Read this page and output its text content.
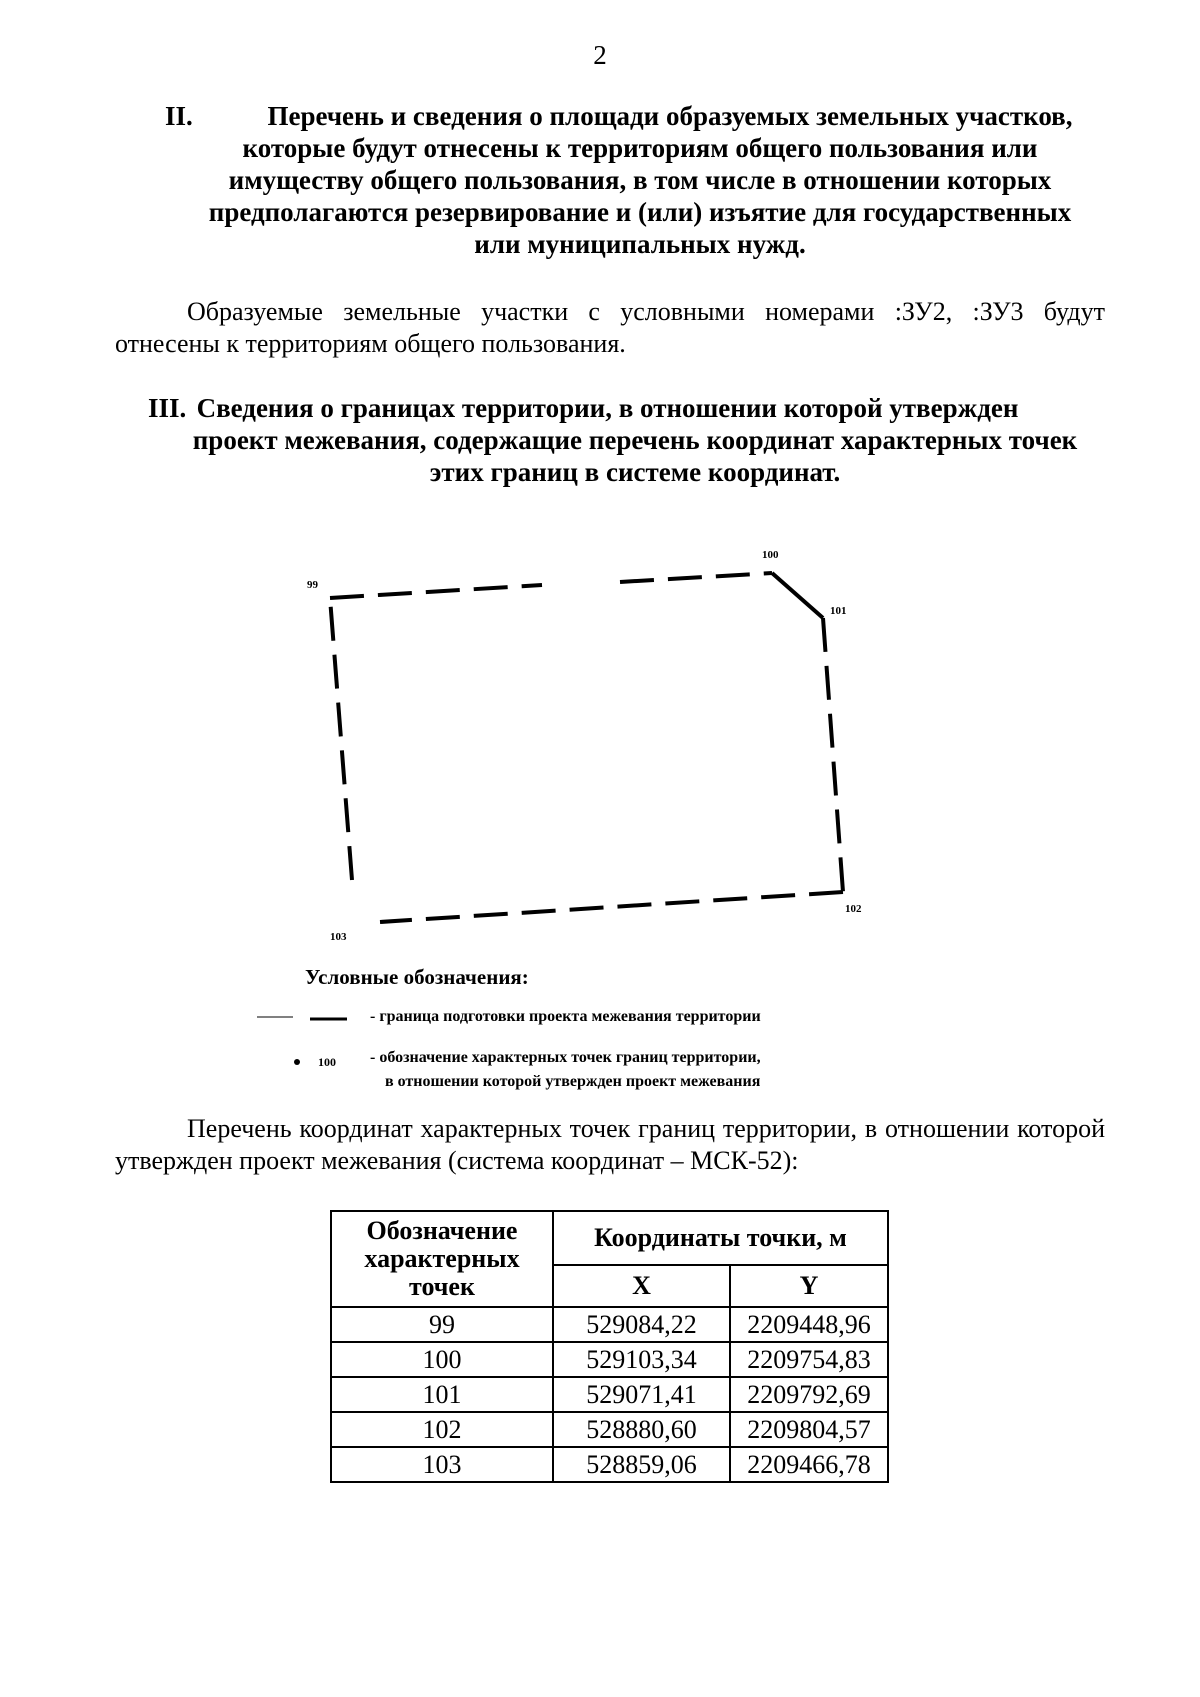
2
II.	Перечень и сведения о площади образуемых земельных участков,
которые будут отнесены к территориям общего пользования или
имуществу общего пользования, в том числе в отношении которых
предполагаются резервирование и (или) изъятие для государственных
или муниципальных нужд.
Образуемые земельные участки с условными номерами :ЗУ2, :ЗУ3 будут отнесены к территориям общего пользования.
III. Сведения о границах территории, в отношении которой утвержден
проект межевания, содержащие перечень координат характерных точек
этих границ в системе координат.
99
100
101
102
103
Условные обозначения:
- граница подготовки проекта межевания территории
100 - обозначение характерных точек границ территории,
в отношении которой утвержден проект межевания
Перечень координат характерных точек границ территории, в отношении которой утвержден проект межевания (система координат – МСК-52):
Обозначение характерных точек	Координаты точки, м	
	X	Y
99	529084,22	2209448,96
100	529103,34	2209754,83
101	529071,41	2209792,69
102	528880,60	2209804,57
103	528859,06	2209466,78
